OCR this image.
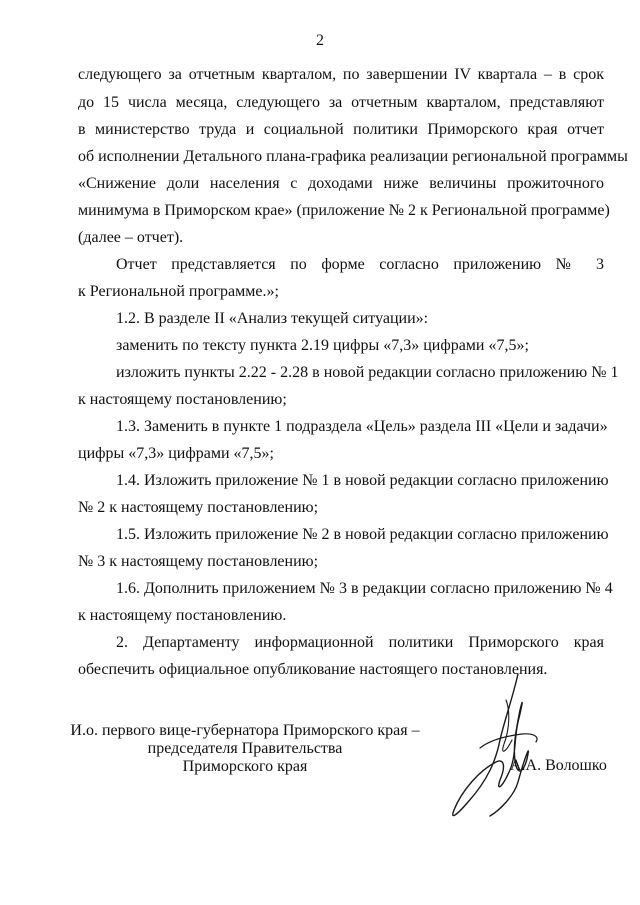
2
следующего за отчетным кварталом, по завершении IV квартала – в срок
до 15 числа месяца, следующего за отчетным кварталом, представляют
в министерство труда и социальной политики Приморского края отчет
об исполнении Детального плана-графика реализации региональной программы
«Снижение доли населения с доходами ниже величины прожиточного
минимума в Приморском крае» (приложение № 2 к Региональной программе)
(далее – отчет).
Отчет представляется по форме согласно приложению № 3
к Региональной программе.»;
1.2. В разделе II «Анализ текущей ситуации»:
заменить по тексту пункта 2.19 цифры «7,3» цифрами «7,5»;
изложить пункты 2.22 - 2.28 в новой редакции согласно приложению № 1
к настоящему постановлению;
1.3. Заменить в пункте 1 подраздела «Цель» раздела III «Цели и задачи»
цифры «7,3» цифрами «7,5»;
1.4. Изложить приложение № 1 в новой редакции согласно приложению
№ 2 к настоящему постановлению;
1.5. Изложить приложение № 2 в новой редакции согласно приложению
№ 3 к настоящему постановлению;
1.6. Дополнить приложением № 3 в редакции согласно приложению № 4
к настоящему постановлению.
2. Департаменту информационной политики Приморского края
обеспечить официальное опубликование настоящего постановления.
И.о. первого вице-губернатора Приморского края –
председателя Правительства
Приморского края	А.А. Волошко
